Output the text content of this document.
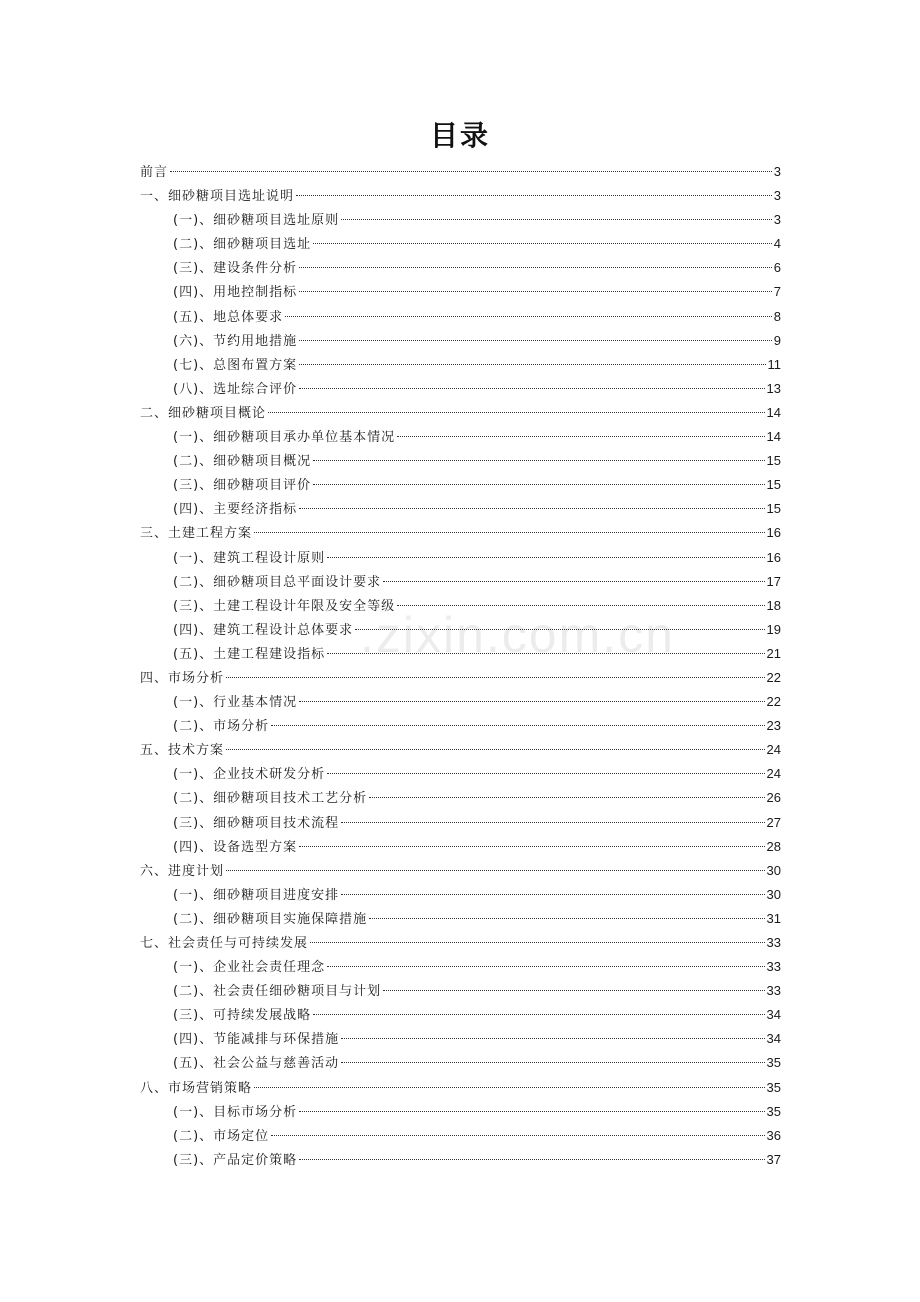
目录
前言	3
一、细砂糖项目选址说明	3
(一)、细砂糖项目选址原则	3
(二)、细砂糖项目选址	4
(三)、建设条件分析	6
(四)、用地控制指标	7
(五)、地总体要求	8
(六)、节约用地措施	9
(七)、总图布置方案	11
(八)、选址综合评价	13
二、细砂糖项目概论	14
(一)、细砂糖项目承办单位基本情况	14
(二)、细砂糖项目概况	15
(三)、细砂糖项目评价	15
(四)、主要经济指标	15
三、土建工程方案	16
(一)、建筑工程设计原则	16
(二)、细砂糖项目总平面设计要求	17
(三)、土建工程设计年限及安全等级	18
(四)、建筑工程设计总体要求	19
(五)、土建工程建设指标	21
四、市场分析	22
(一)、行业基本情况	22
(二)、市场分析	23
五、技术方案	24
(一)、企业技术研发分析	24
(二)、细砂糖项目技术工艺分析	26
(三)、细砂糖项目技术流程	27
(四)、设备选型方案	28
六、进度计划	30
(一)、细砂糖项目进度安排	30
(二)、细砂糖项目实施保障措施	31
七、社会责任与可持续发展	33
(一)、企业社会责任理念	33
(二)、社会责任细砂糖项目与计划	33
(三)、可持续发展战略	34
(四)、节能减排与环保措施	34
(五)、社会公益与慈善活动	35
八、市场营销策略	35
(一)、目标市场分析	35
(二)、市场定位	36
(三)、产品定价策略	37
.zixin.com.cn
